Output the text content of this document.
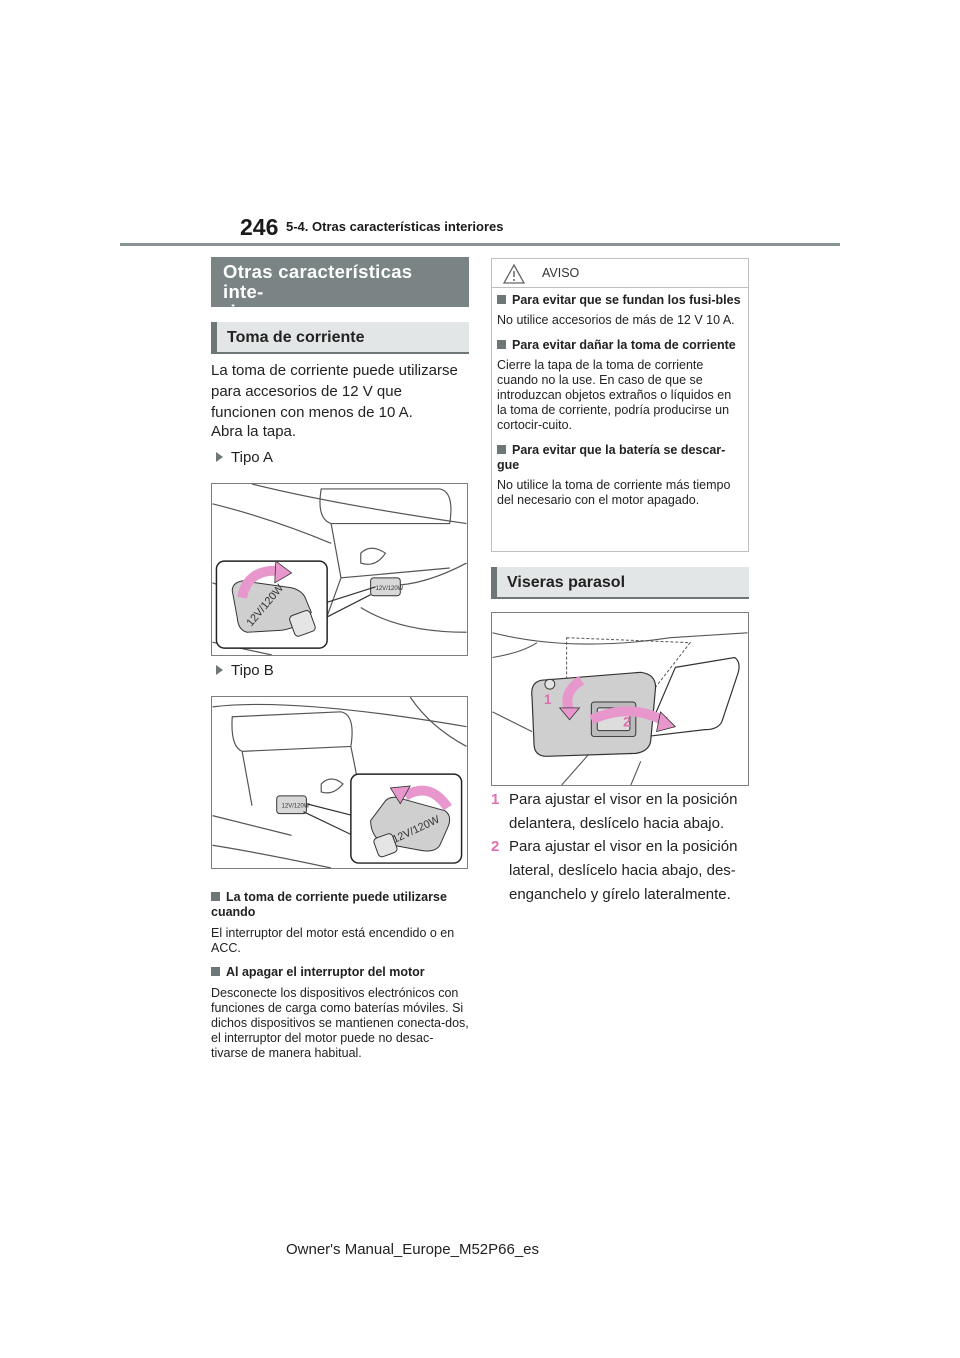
246 5-4. Otras características interiores
Otras características inte-
riores
Toma de corriente
La toma de corriente puede utilizarse para accesorios de 12 V que funcionen con menos de 10 A.
Abra la tapa.
Tipo A
12V/120W
12V/120W
Tipo B
12V/120W
12V/120W
La toma de corriente puede utilizarse cuando
El interruptor del motor está encendido o en ACC.
Al apagar el interruptor del motor
Desconecte los dispositivos electrónicos con funciones de carga como baterías móviles. Si dichos dispositivos se mantienen conecta-dos, el interruptor del motor puede no desac-tivarse de manera habitual.
AVISO
Para evitar que se fundan los fusi-bles
No utilice accesorios de más de 12 V 10 A.
Para evitar dañar la toma de corriente
Cierre la tapa de la toma de corriente cuando no la use. En caso de que se introduzcan objetos extraños o líquidos en la toma de corriente, podría producirse un cortocir-cuito.
Para evitar que la batería se descar-gue
No utilice la toma de corriente más tiempo del necesario con el motor apagado.
Viseras parasol
1
2
1 Para ajustar el visor en la posición delantera, deslícelo hacia abajo.
2 Para ajustar el visor en la posición lateral, deslícelo hacia abajo, des-enganchelo y gírelo lateralmente.
Owner's Manual_Europe_M52P66_es
